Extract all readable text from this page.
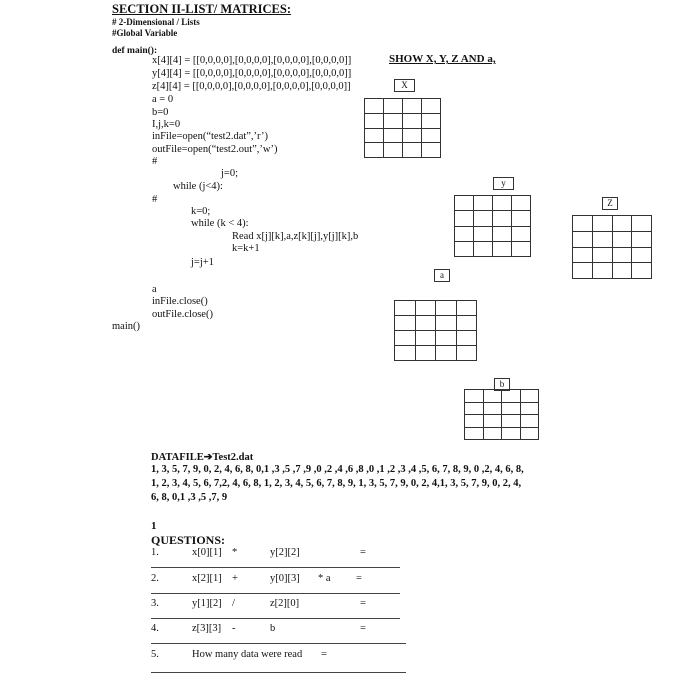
SECTION II-LIST/ MATRICES:
# 2-Dimensional / Lists
#Global Variable
def main():
x[4][4] = [[0,0,0,0],[0,0,0,0],[0,0,0,0],[0,0,0,0]]
y[4][4] = [[0,0,0,0],[0,0,0,0],[0,0,0,0],[0,0,0,0]]
z[4][4] = [[0,0,0,0],[0,0,0,0],[0,0,0,0],[0,0,0,0]]
a = 0
b=0
I,j,k=0
inFile=open(“test2.dat”,’r’)
outFile=open(“test2.out”,’w’)
#
j=0;
while (j<4):
#
k=0;
while (k < 4):
Read x[j][k],a,z[k][j],y[j][k],b
k=k+1
j=j+1
a
inFile.close()
outFile.close()
main()
SHOW X, Y, Z AND a,
X

y

Z

a

b

DATAFILE➔Test2.dat
1, 3, 5, 7, 9, 0, 2, 4, 6, 8, 0,1 ,3 ,5 ,7 ,9 ,0 ,2 ,4 ,6 ,8 ,0 ,1 ,2 ,3 ,4 ,5, 6, 7, 8, 9, 0 ,2, 4, 6, 8,
1, 2, 3, 4, 5, 6, 7,2, 4, 6, 8, 1, 2, 3, 4, 5, 6, 7, 8, 9, 1, 3, 5, 7, 9, 0, 2, 4,1, 3, 5, 7, 9, 0, 2, 4,
6, 8, 0,1 ,3 ,5 ,7, 9
1
QUESTIONS:
1.	x[0][1] *	y[2][2]	=
2.	x[2][1] +	y[0][3] * a =
3.	y[1][2] /	z[2][0]	=
4.	z[3][3] -	b	=
5.	How many data were read =
